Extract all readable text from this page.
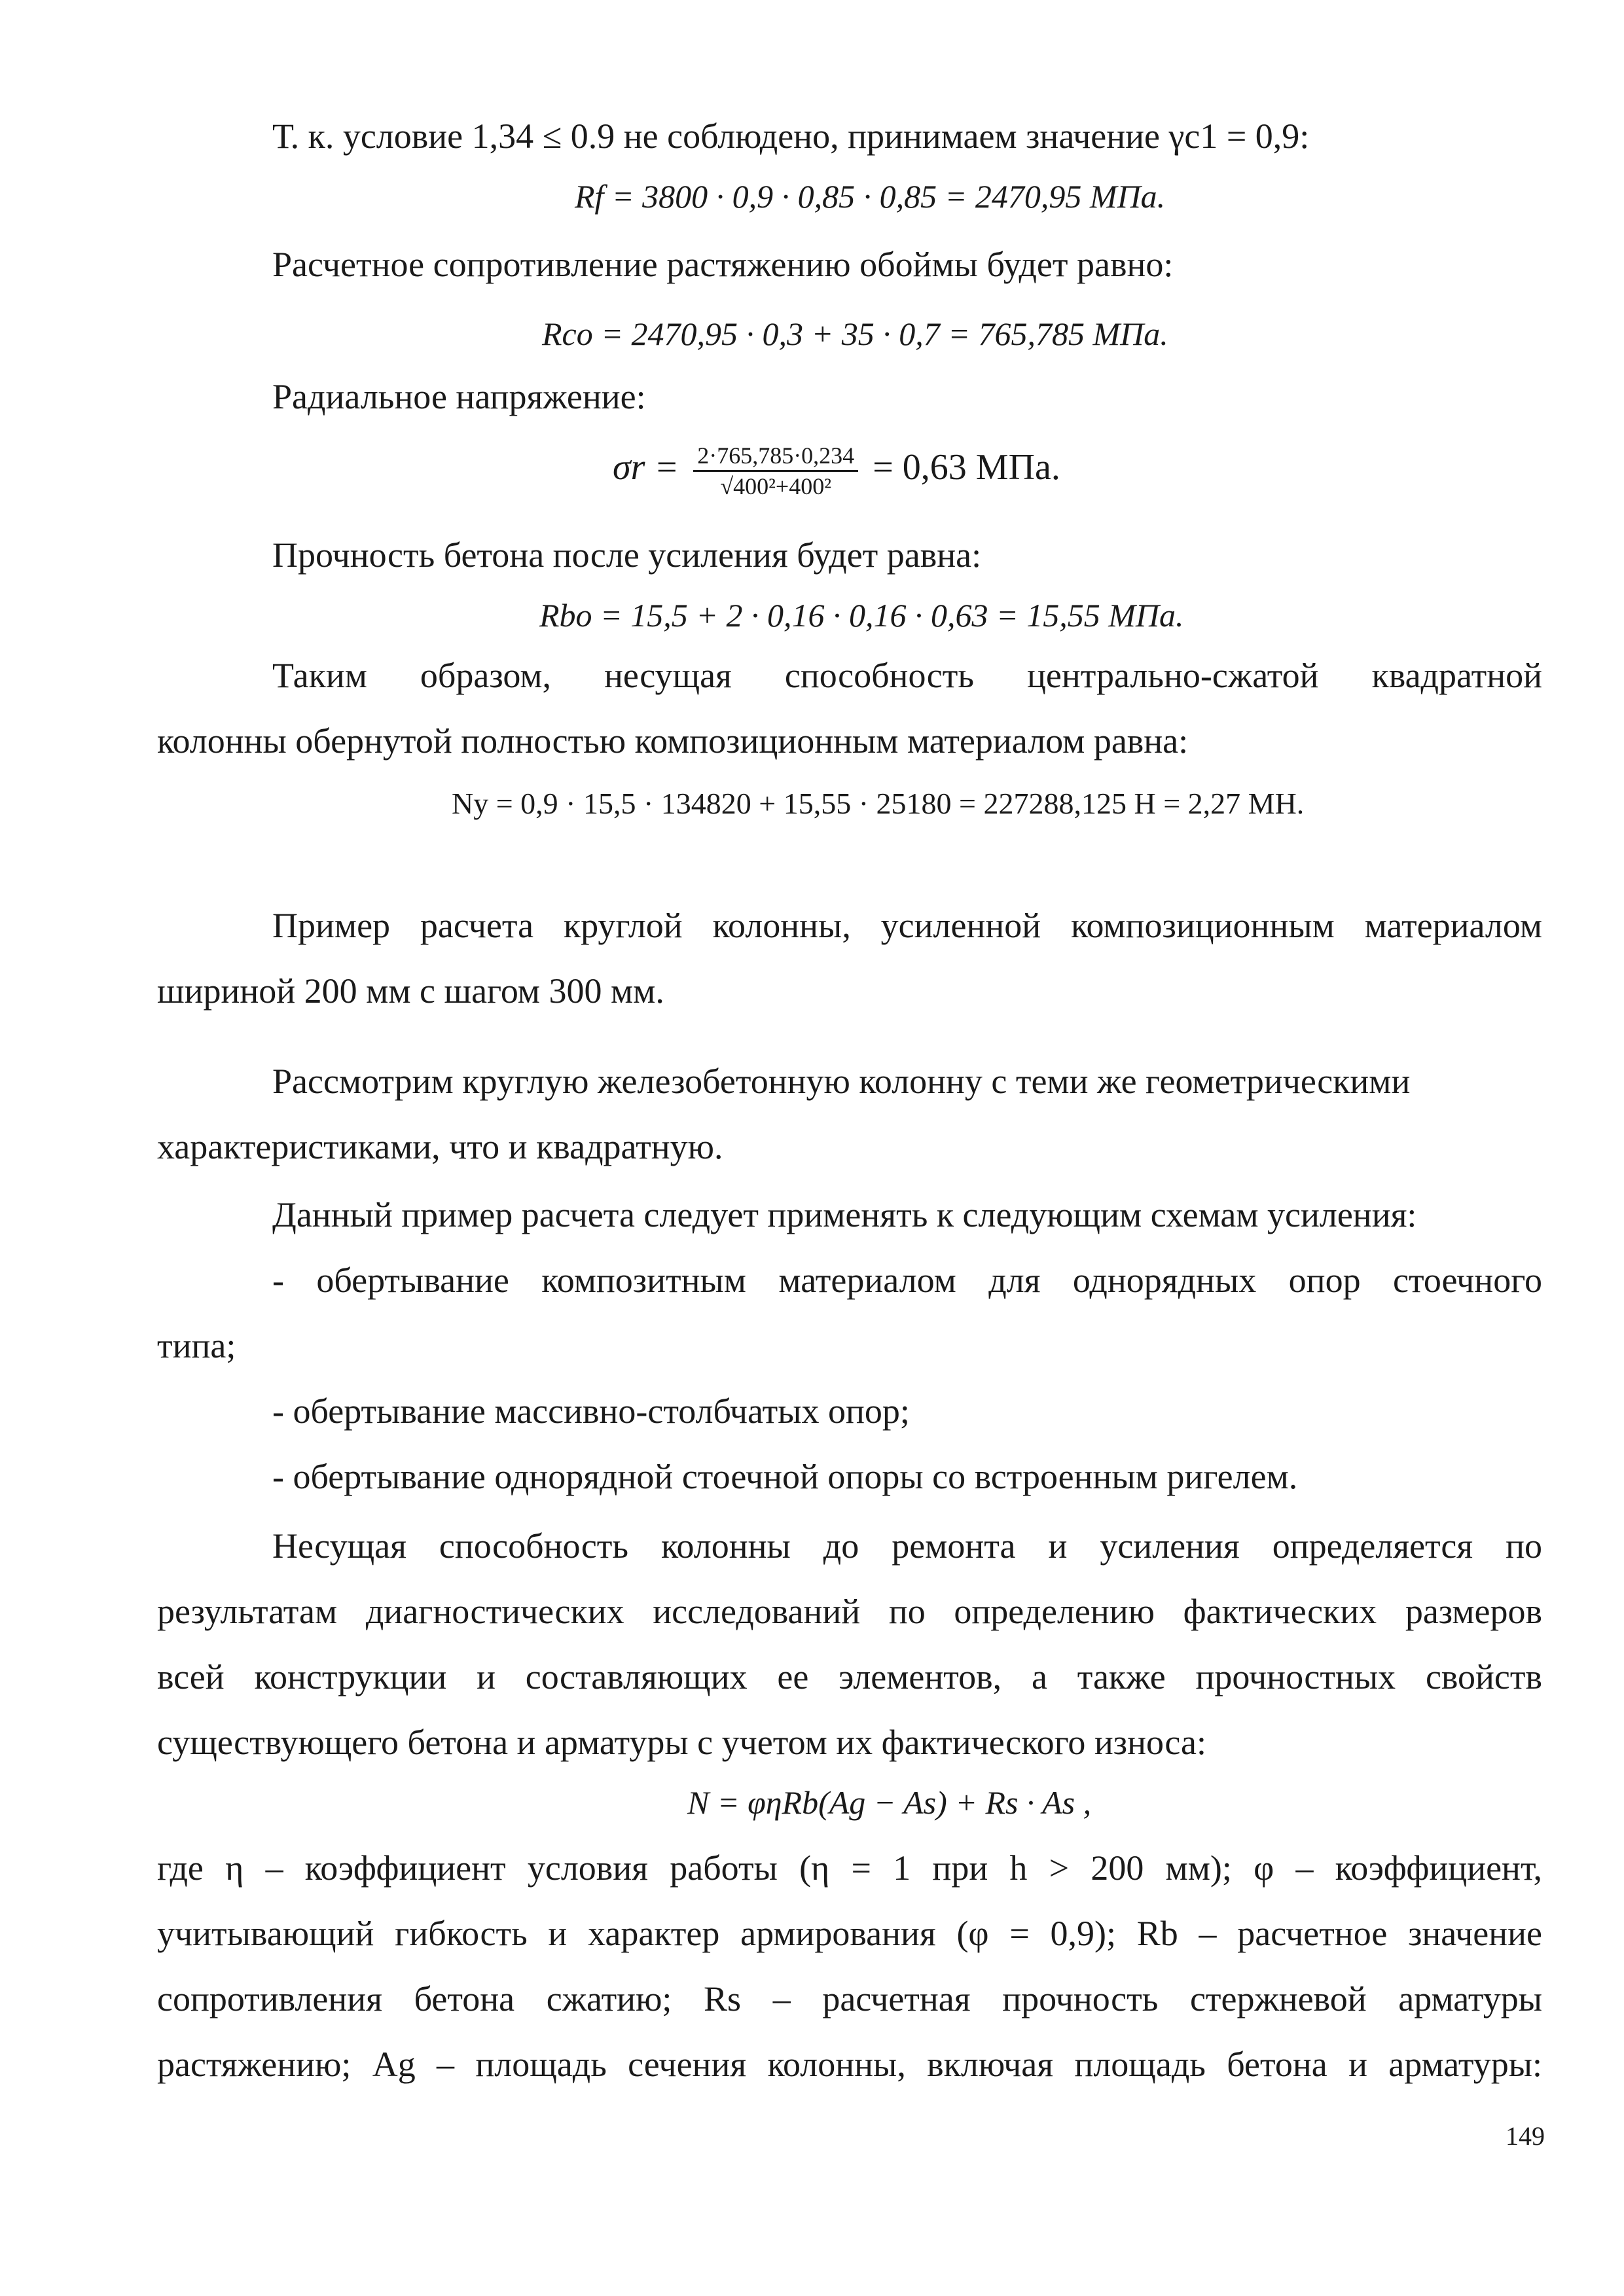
Т. к. условие 1,34 ≤ 0.9 не соблюдено, принимаем значение γc1 = 0,9:
Rf = 3800 · 0,9 · 0,85 · 0,85 = 2470,95 МПа.
Расчетное сопротивление растяжению обоймы будет равно:
Rco = 2470,95 · 0,3 + 35 · 0,7 = 765,785 МПа.
Радиальное напряжение:
$\sigma r = \frac{2\cdot 765,785\cdot 0,234}{\text{√400²+400²}} = 0,63$ МПа.
Прочность бетона после усиления будет равна:
Rbo = 15,5 + 2 · 0,16 · 0,16 · 0,63 = 15,55 МПа.
Таким образом, несущая способность центрально-сжатой квадратной
колонны обернутой полностью композиционным материалом равна:
Ny = 0,9 · 15,5 · 134820 + 15,55 · 25180 = 227288,125 Н = 2,27 МН.
Пример расчета круглой колонны, усиленной композиционным материалом
шириной 200 мм с шагом 300 мм.
Рассмотрим круглую железобетонную колонну с теми же геометрическими
характеристиками, что и квадратную.
Данный пример расчета следует применять к следующим схемам усиления:
- обертывание композитным материалом для однорядных опор стоечного
типа;
- обертывание массивно-столбчатых опор;
- обертывание однорядной стоечной опоры со встроенным ригелем.
Несущая способность колонны до ремонта и усиления определяется по
результатам диагностических исследований по определению фактических размеров
всей конструкции и составляющих ее элементов, а также прочностных свойств
существующего бетона и арматуры с учетом их фактического износа:
N = φηRb(Ag − As) + Rs · As ,
где η – коэффициент условия работы (η = 1 при h > 200 мм); φ – коэффициент,
учитывающий гибкость и характер армирования (φ = 0,9); Rb – расчетное значение
сопротивления бетона сжатию; Rs – расчетная прочность стержневой арматуры
растяжению; Ag – площадь сечения колонны, включая площадь бетона и арматуры:
149
